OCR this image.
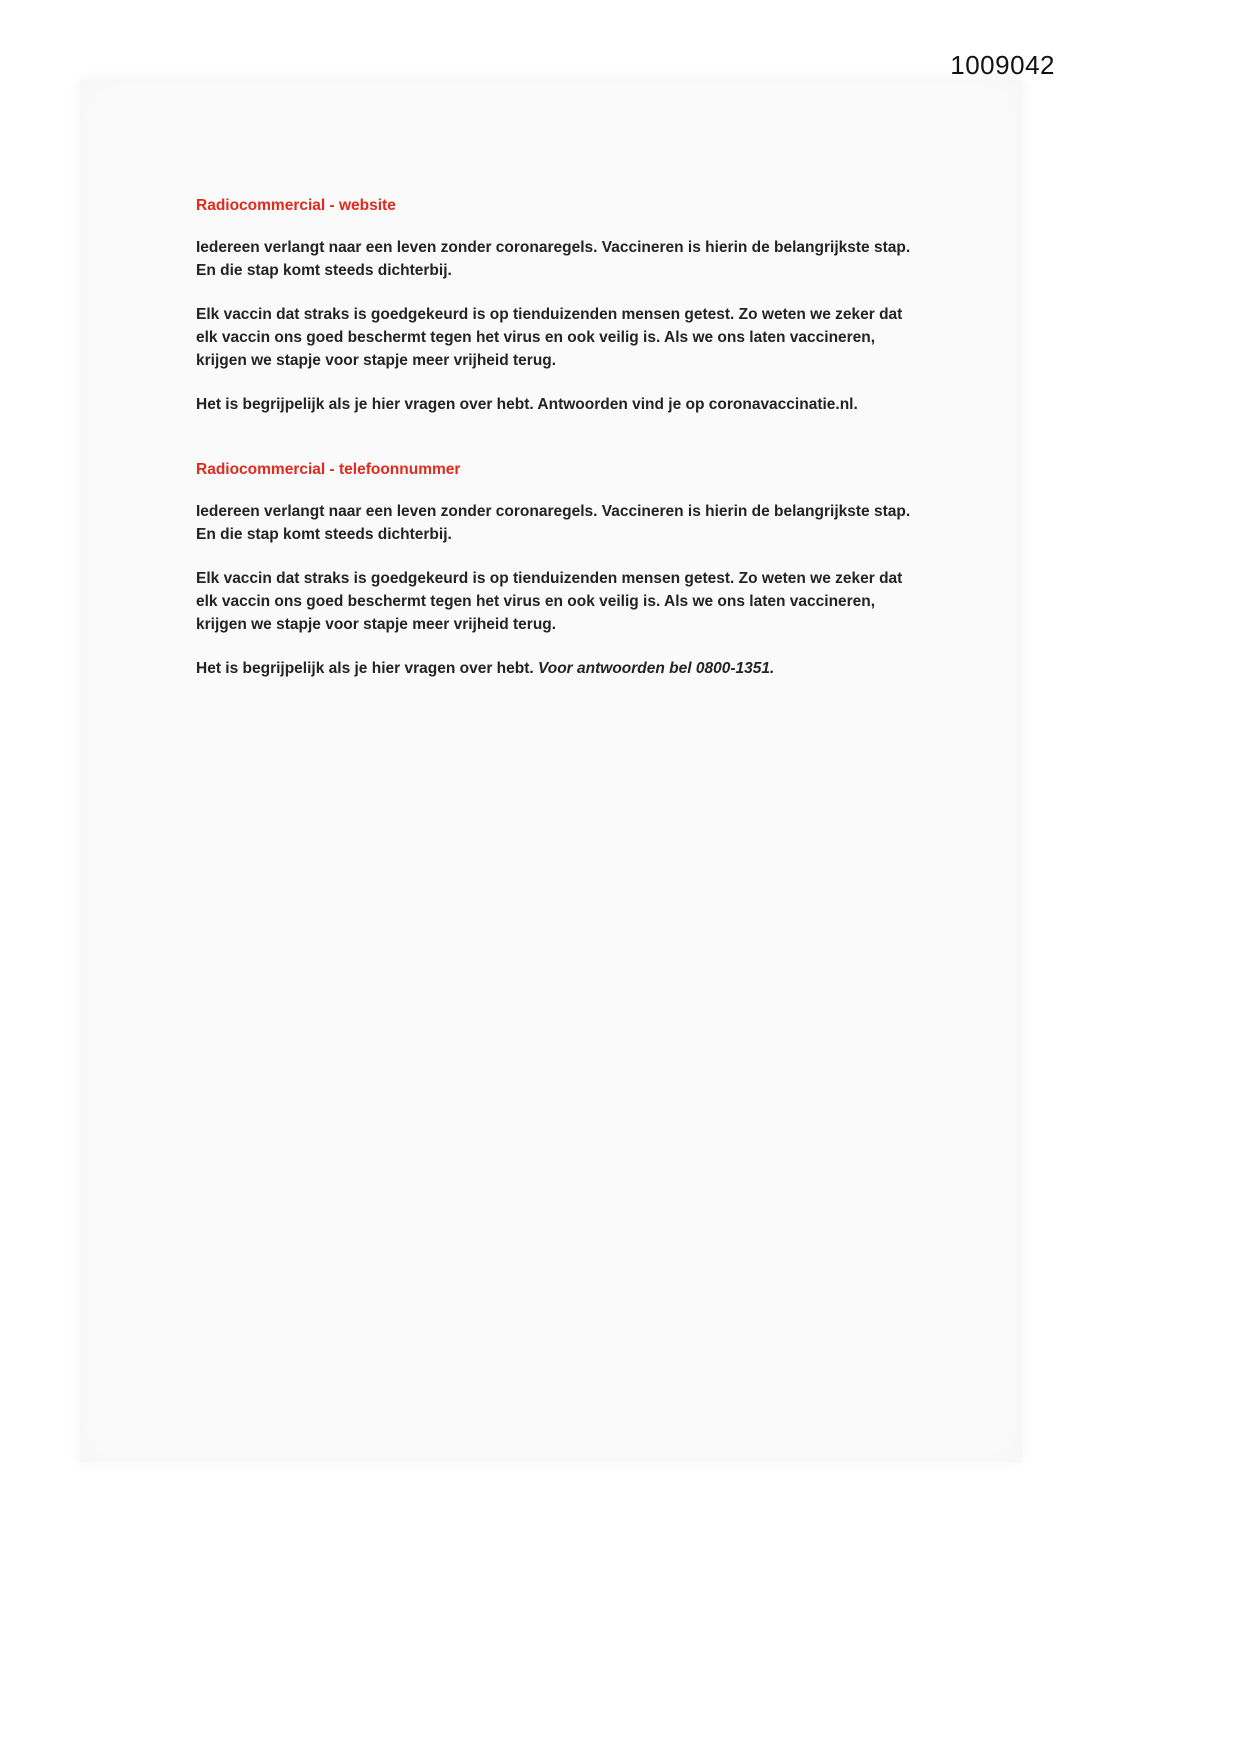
1009042
Radiocommercial - website

Iedereen verlangt naar een leven zonder coronaregels. Vaccineren is hierin de belangrijkste stap. En die stap komt steeds dichterbij.

Elk vaccin dat straks is goedgekeurd is op tienduizenden mensen getest. Zo weten we zeker dat elk vaccin ons goed beschermt tegen het virus en ook veilig is. Als we ons laten vaccineren, krijgen we stapje voor stapje meer vrijheid terug.

Het is begrijpelijk als je hier vragen over hebt. Antwoorden vind je op coronavaccinatie.nl.

Radiocommercial - telefoonnummer

Iedereen verlangt naar een leven zonder coronaregels. Vaccineren is hierin de belangrijkste stap. En die stap komt steeds dichterbij.

Elk vaccin dat straks is goedgekeurd is op tienduizenden mensen getest. Zo weten we zeker dat elk vaccin ons goed beschermt tegen het virus en ook veilig is. Als we ons laten vaccineren, krijgen we stapje voor stapje meer vrijheid terug.

Het is begrijpelijk als je hier vragen over hebt. Voor antwoorden bel 0800-1351.
